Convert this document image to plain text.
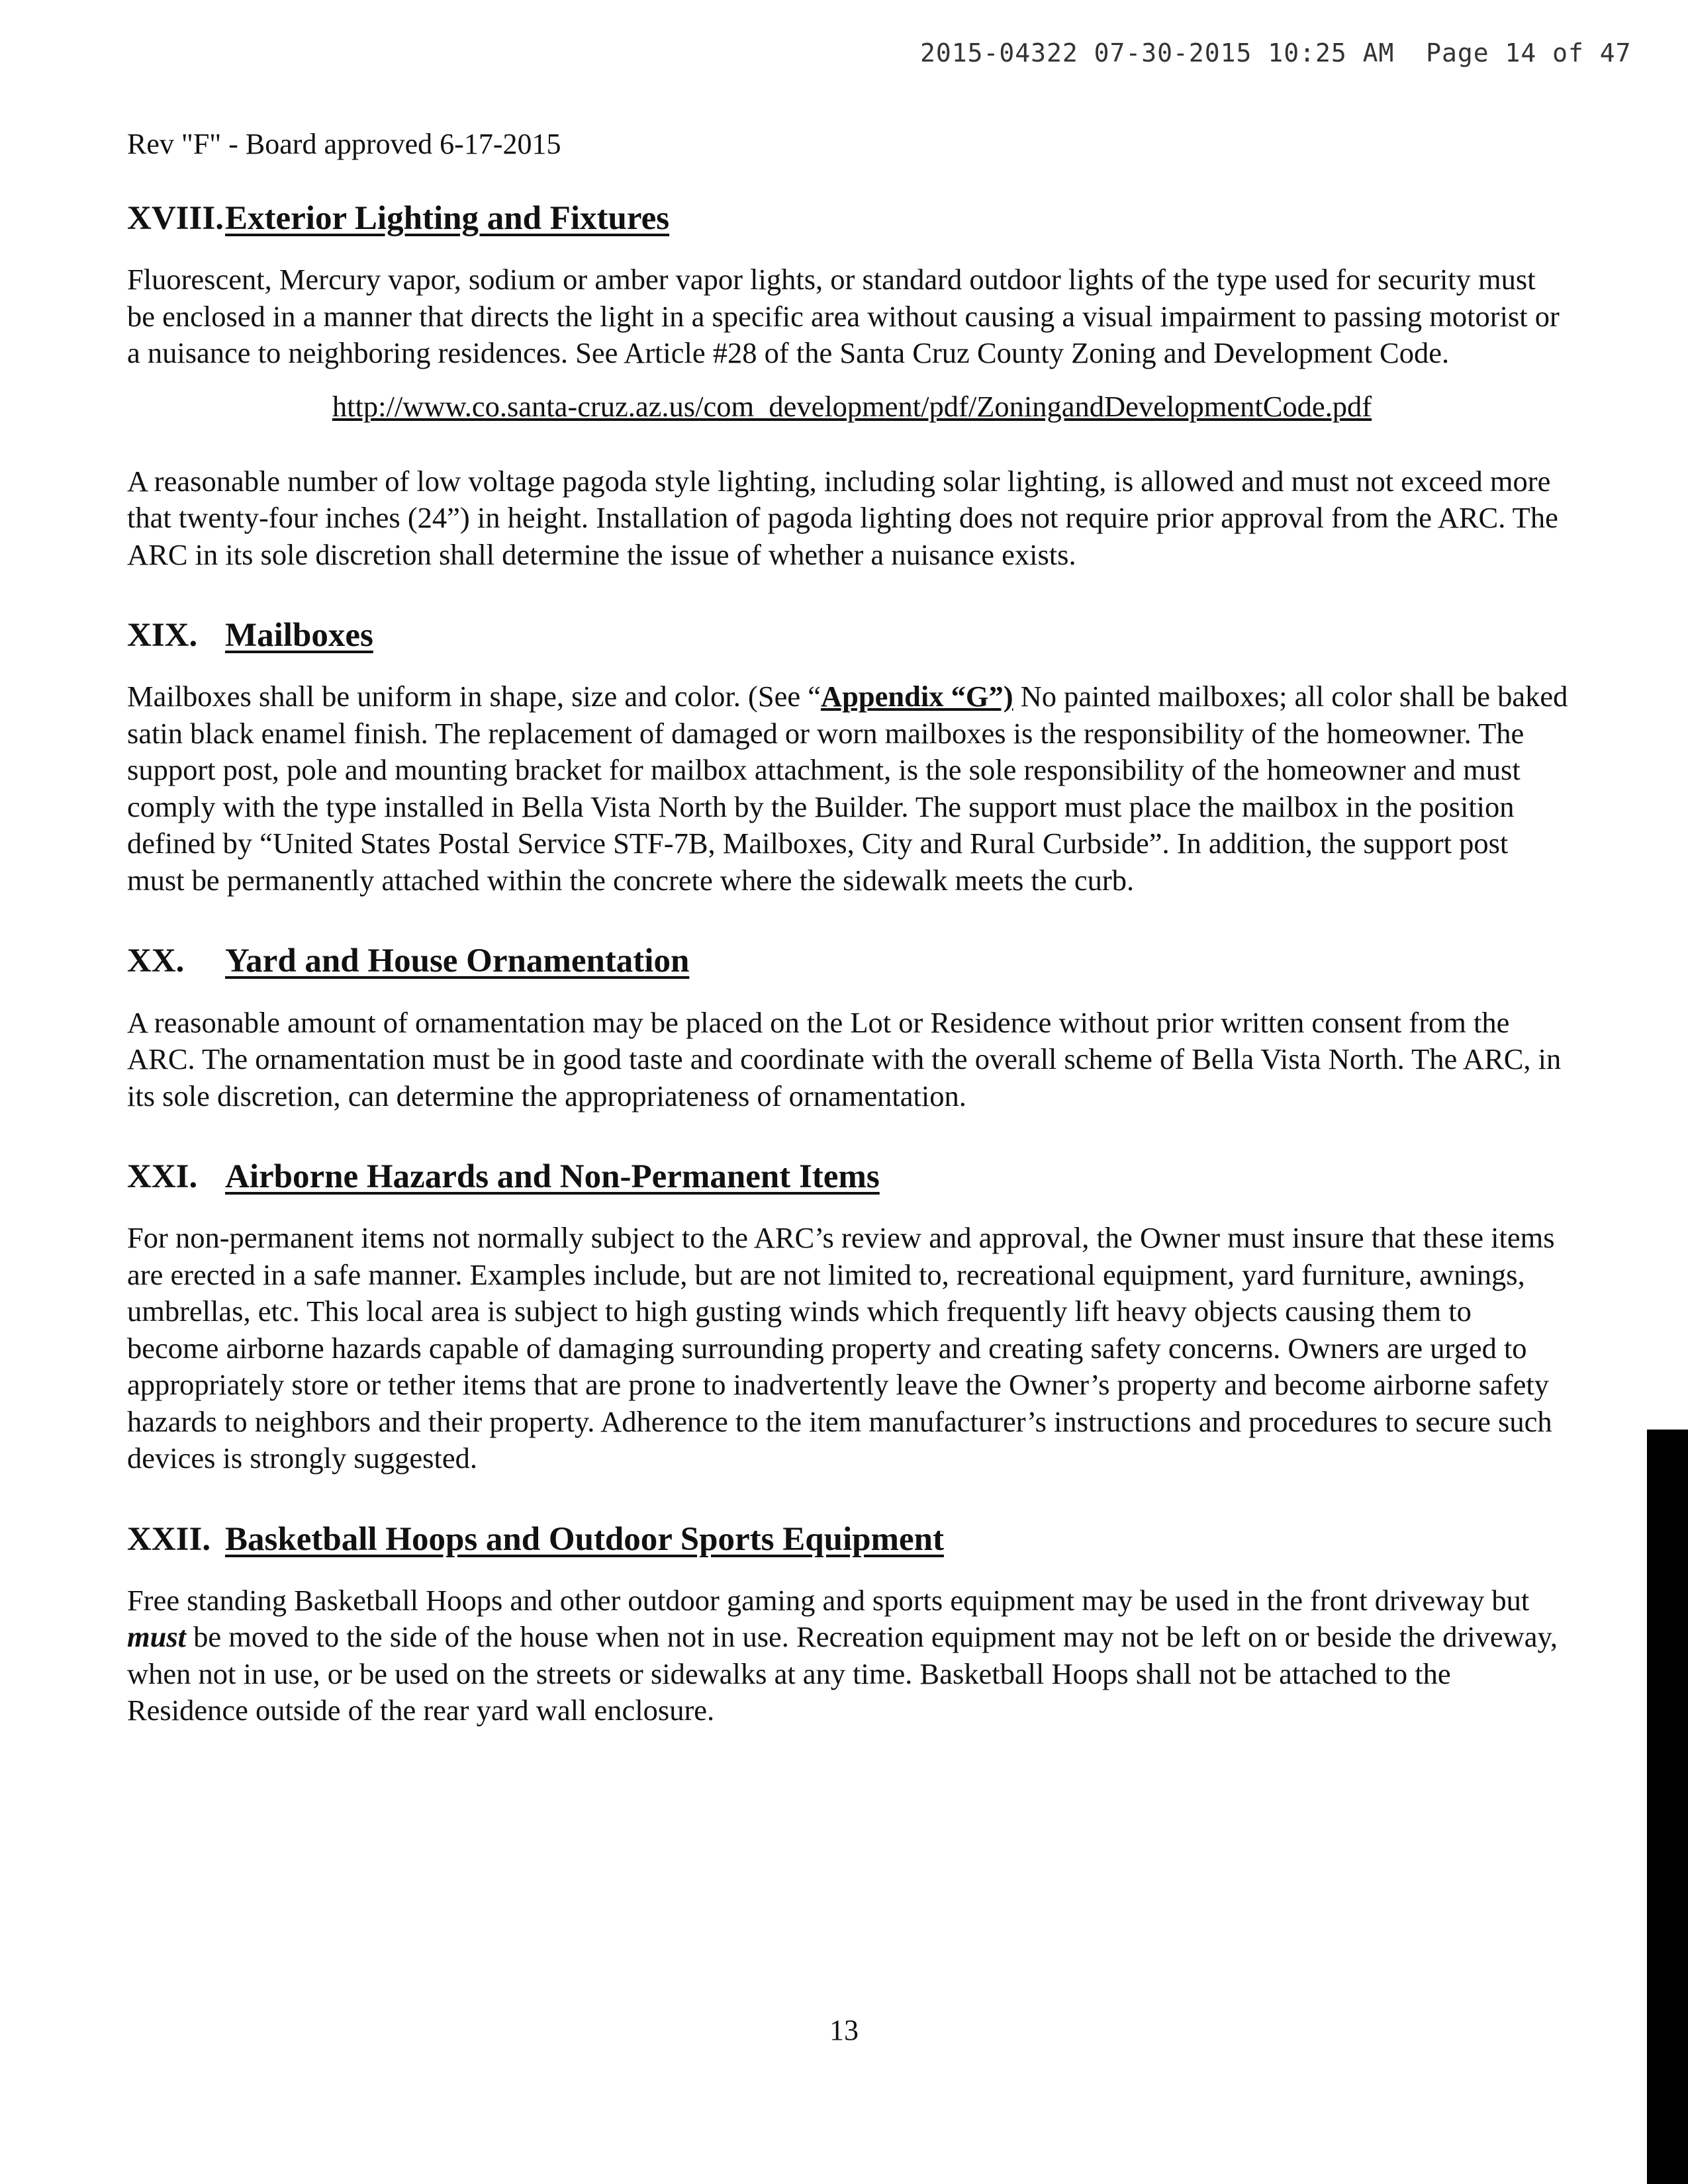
2015-04322 07-30-2015 10:25 AM  Page 14 of 47
Rev "F" - Board approved 6-17-2015
XVIII. Exterior Lighting and Fixtures

Fluorescent, Mercury vapor, sodium or amber vapor lights, or standard outdoor lights of the type used for security must be enclosed in a manner that directs the light in a specific area without causing a visual impairment to passing motorist or a nuisance to neighboring residences. See Article #28 of the Santa Cruz County Zoning and Development Code.

http://www.co.santa-cruz.az.us/com_development/pdf/ZoningandDevelopmentCode.pdf

A reasonable number of low voltage pagoda style lighting, including solar lighting, is allowed and must not exceed more that twenty-four inches (24”) in height. Installation of pagoda lighting does not require prior approval from the ARC. The ARC in its sole discretion shall determine the issue of whether a nuisance exists.

XIX. Mailboxes

Mailboxes shall be uniform in shape, size and color. (See “Appendix “G”) No painted mailboxes; all color shall be baked satin black enamel finish. The replacement of damaged or worn mailboxes is the responsibility of the homeowner. The support post, pole and mounting bracket for mailbox attachment, is the sole responsibility of the homeowner and must comply with the type installed in Bella Vista North by the Builder. The support must place the mailbox in the position defined by “United States Postal Service STF-7B, Mailboxes, City and Rural Curbside”. In addition, the support post must be permanently attached within the concrete where the sidewalk meets the curb.

XX.	Yard and House Ornamentation

A reasonable amount of ornamentation may be placed on the Lot or Residence without prior written consent from the ARC. The ornamentation must be in good taste and coordinate with the overall scheme of Bella Vista North. The ARC, in its sole discretion, can determine the appropriateness of ornamentation.

XXI. Airborne Hazards and Non-Permanent Items

For non-permanent items not normally subject to the ARC’s review and approval, the Owner must insure that these items are erected in a safe manner. Examples include, but are not limited to, recreational equipment, yard furniture, awnings, umbrellas, etc. This local area is subject to high gusting winds which frequently lift heavy objects causing them to become airborne hazards capable of damaging surrounding property and creating safety concerns. Owners are urged to appropriately store or tether items that are prone to inadvertently leave the Owner’s property and become airborne safety hazards to neighbors and their property. Adherence to the item manufacturer’s instructions and procedures to secure such devices is strongly suggested.

XXII. Basketball Hoops and Outdoor Sports Equipment

Free standing Basketball Hoops and other outdoor gaming and sports equipment may be used in the front driveway but must be moved to the side of the house when not in use. Recreation equipment may not be left on or beside the driveway, when not in use, or be used on the streets or sidewalks at any time. Basketball Hoops shall not be attached to the Residence outside of the rear yard wall enclosure.

13
